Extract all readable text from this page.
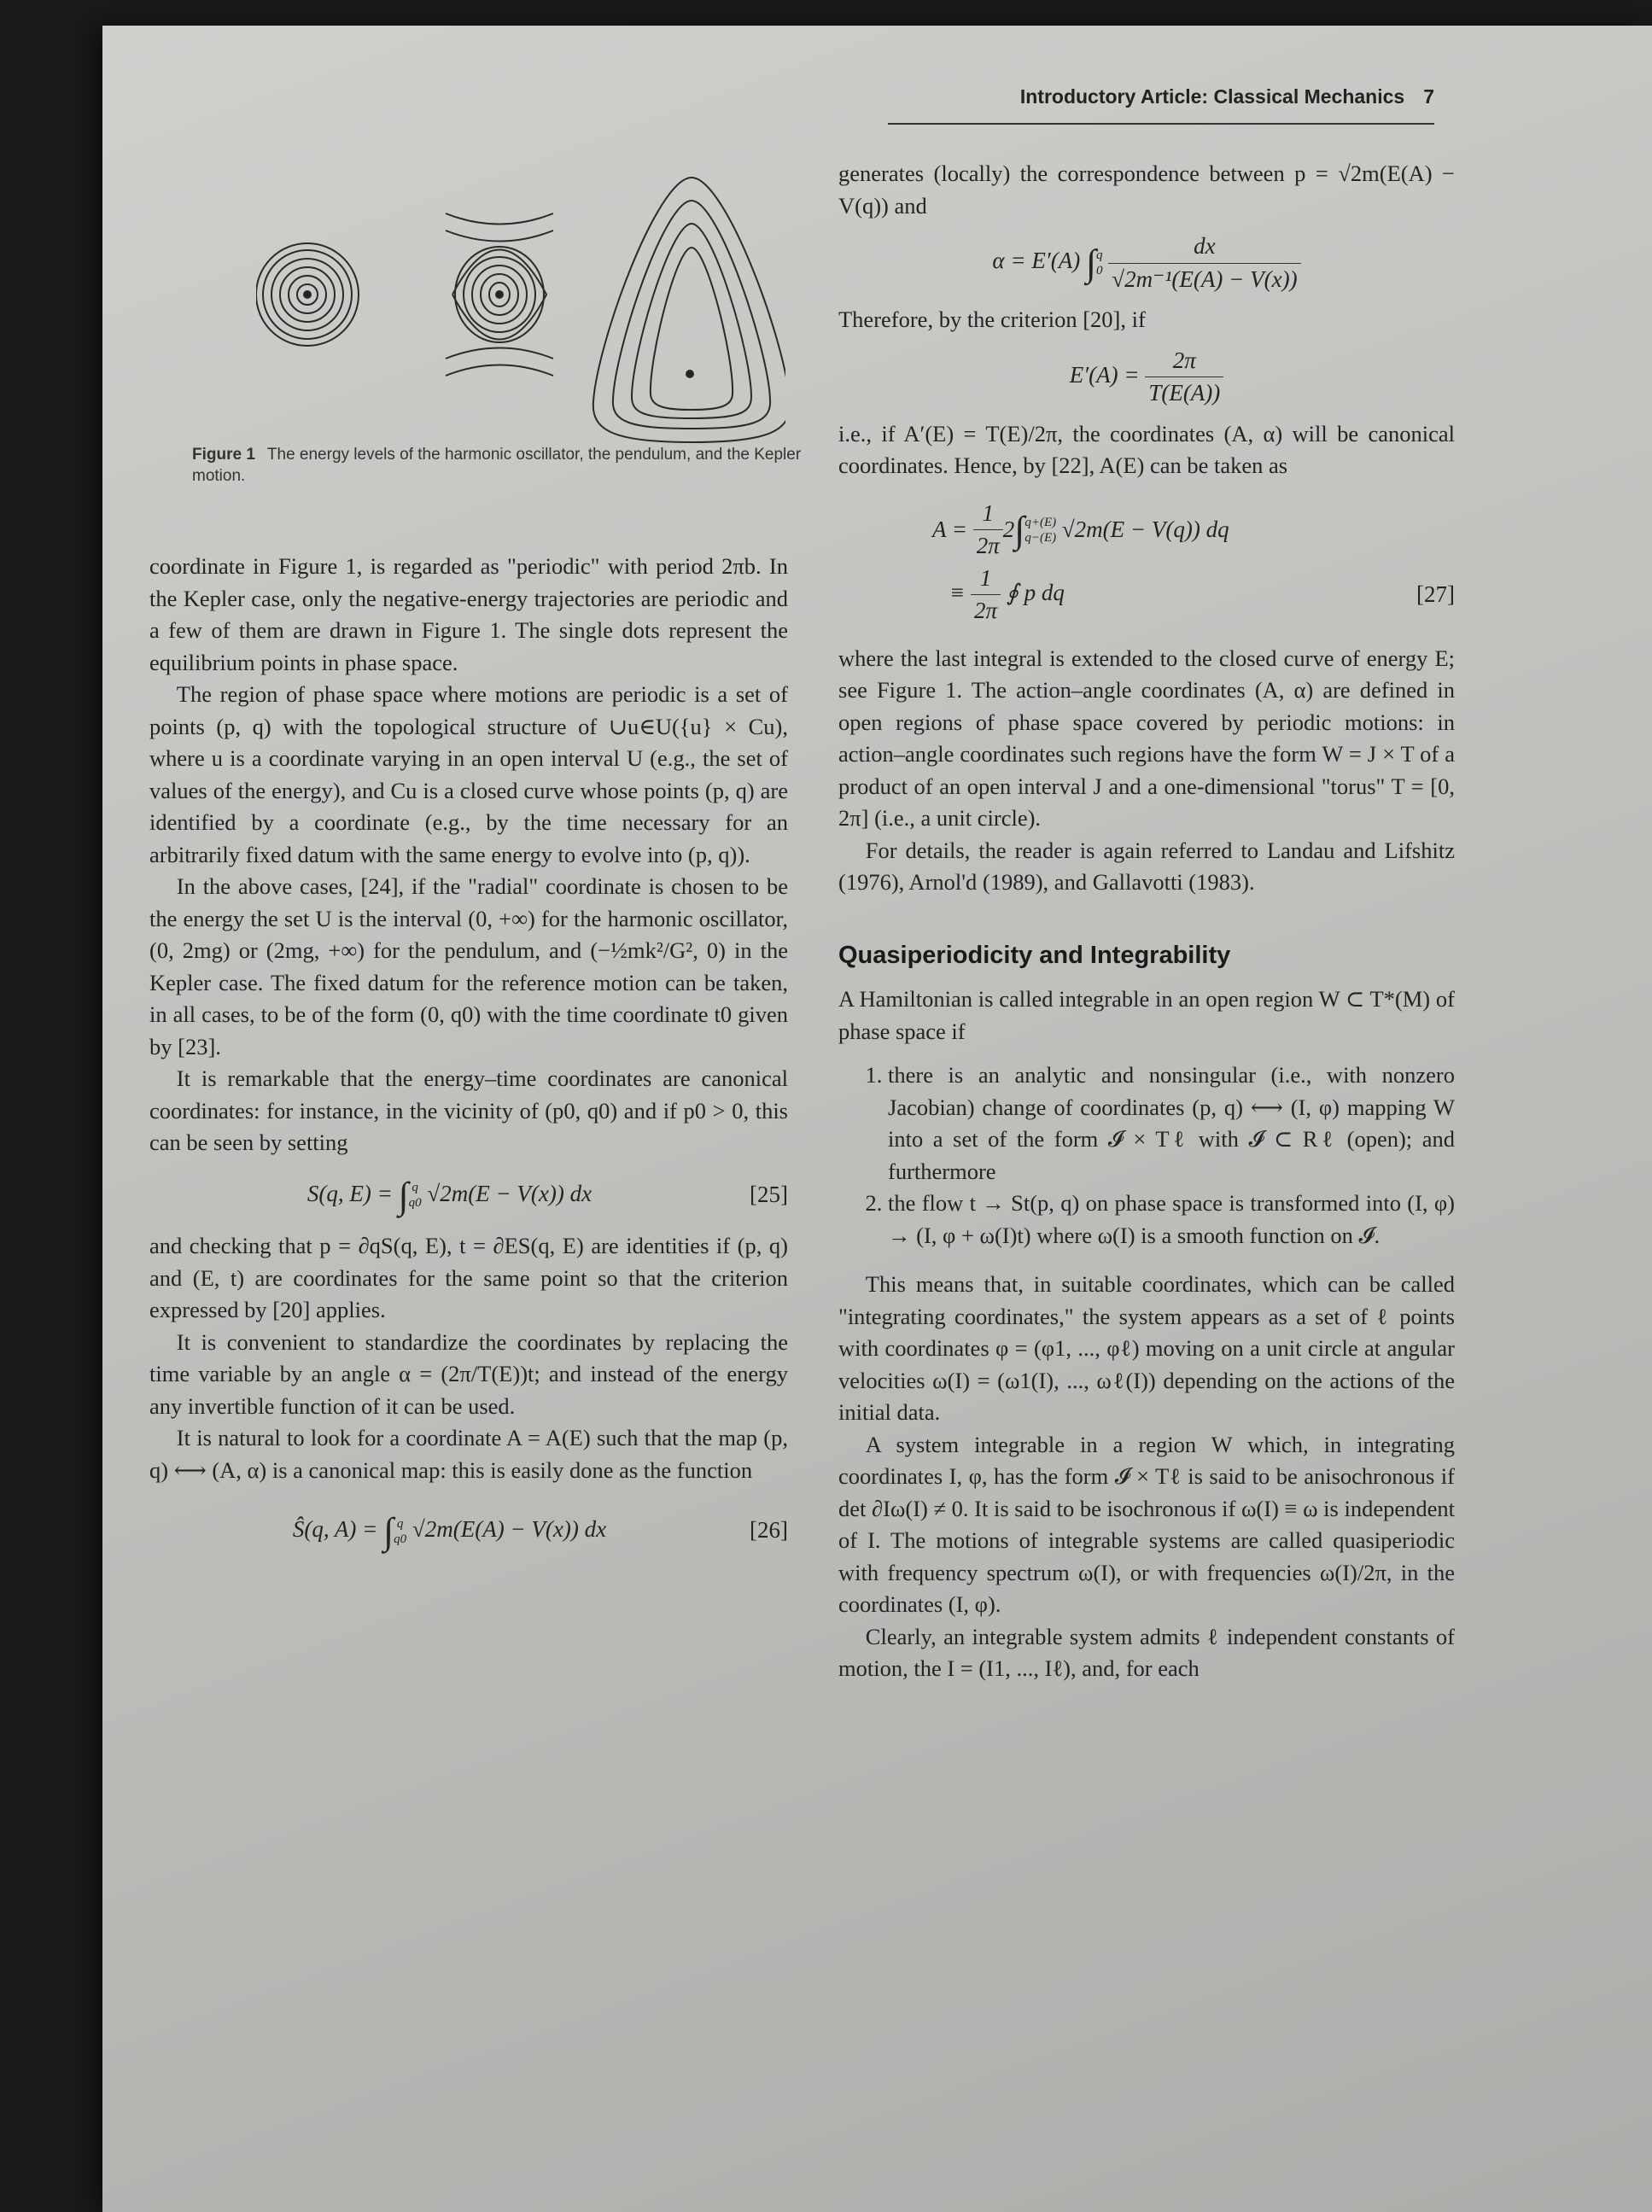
Introductory Article: Classical Mechanics 7
Figure 1 The energy levels of the harmonic oscillator, the pendulum, and the Kepler motion.

coordinate in Figure 1, is regarded as "periodic" with period 2πb. In the Kepler case, only the negative-energy trajectories are periodic and a few of them are drawn in Figure 1. The single dots represent the equilibrium points in phase space.

The region of phase space where motions are periodic is a set of points (p, q) with the topological structure of ∪u∈U({u} × Cu), where u is a coordinate varying in an open interval U (e.g., the set of values of the energy), and Cu is a closed curve whose points (p, q) are identified by a coordinate (e.g., by the time necessary for an arbitrarily fixed datum with the same energy to evolve into (p, q)).

In the above cases, [24], if the "radial" coordinate is chosen to be the energy the set U is the interval (0, +∞) for the harmonic oscillator, (0, 2mg) or (2mg, +∞) for the pendulum, and (−½mk²/G², 0) in the Kepler case. The fixed datum for the reference motion can be taken, in all cases, to be of the form (0, q0) with the time coordinate t0 given by [23].

It is remarkable that the energy–time coordinates are canonical coordinates: for instance, in the vicinity of (p0, q0) and if p0 > 0, this can be seen by setting

S(q, E) = ∫ q
q0 √2m(E − V(x)) dx	[25]

and checking that p = ∂qS(q, E), t = ∂ES(q, E) are identities if (p, q) and (E, t) are coordinates for the same point so that the criterion expressed by [20] applies.

It is convenient to standardize the coordinates by replacing the time variable by an angle α = (2π/T(E))t; and instead of the energy any invertible function of it can be used.

It is natural to look for a coordinate A = A(E) such that the map (p, q) ⟷ (A, α) is a canonical map: this is easily done as the function

Ŝ(q, A) = ∫ q
q0 √2m(E(A) − V(x)) dx	[26]

generates (locally) the correspondence between p = √2m(E(A) − V(q)) and

α = E′(A) ∫ q
0
$\frac{dx}{\text{√2m⁻¹(E(A) − V(x))}}$

Therefore, by the criterion [20], if

$E'(A) = \frac{2\pi}{T(E(A))}$

i.e., if A′(E) = T(E)/2π, the coordinates (A, α) will be canonical coordinates. Hence, by [22], A(E) can be taken as

A =
$\frac{1}{2\pi} 2$ ∫ q+(E)
q−(E)
√2m(E − V(q)) dq
≡ $\frac{1}{2\pi}$ ∮ p dq	[27]

where the last integral is extended to the closed curve of energy E; see Figure 1. The action–angle coordinates (A, α) are defined in open regions of phase space covered by periodic motions: in action–angle coordinates such regions have the form W = J × T of a product of an open interval J and a one-dimensional "torus" T = [0, 2π] (i.e., a unit circle).

For details, the reader is again referred to Landau and Lifshitz (1976), Arnol'd (1989), and Gallavotti (1983).

Quasiperiodicity and Integrability

A Hamiltonian is called integrable in an open region W ⊂ T*(M) of phase space if

1. there is an analytic and nonsingular (i.e., with nonzero Jacobian) change of coordinates (p, q) ⟷ (I, φ) mapping W into a set of the form 𝓘 × Tℓ with 𝓘 ⊂ Rℓ (open); and furthermore
2. the flow t → St(p, q) on phase space is transformed into (I, φ) → (I, φ + ω(I)t) where ω(I) is a smooth function on 𝓘.

This means that, in suitable coordinates, which can be called "integrating coordinates," the system appears as a set of ℓ points with coordinates φ = (φ1, ..., φℓ) moving on a unit circle at angular velocities ω(I) = (ω1(I), ..., ωℓ(I)) depending on the actions of the initial data.

A system integrable in a region W which, in integrating coordinates I, φ, has the form 𝓘 × Tℓ is said to be anisochronous if det ∂Iω(I) ≠ 0. It is said to be isochronous if ω(I) ≡ ω is independent of I. The motions of integrable systems are called quasiperiodic with frequency spectrum ω(I), or with frequencies ω(I)/2π, in the coordinates (I, φ).

Clearly, an integrable system admits ℓ independent constants of motion, the I = (I1, ..., Iℓ), and, for each
